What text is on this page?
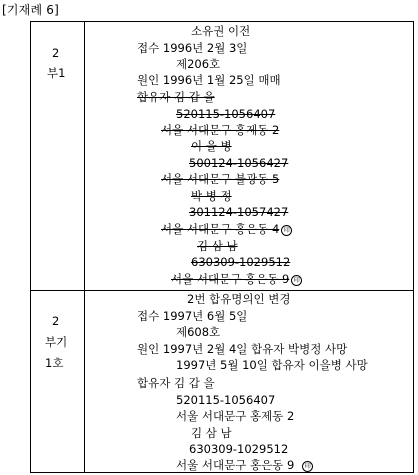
[기재례 6]
2
부1
소유권 이전
접수 1996년 2월 3일
제206호
원인 1996년 1월 25일 매매
합유자 김 갑 을
520115-1056407
서울 서대문구 홍제동 2
이 을 병
500124-1056427
서울 서대문구 불광동 5
박 병 정
301124-1057427
서울 서대문구 홍은동 4 印
김 삼 남
630309-1029512
서울 서대문구 홍은동 9 印
2
부기
1호
2번 합유명의인 변경
접수 1997년 6월 5일
제608호
원인 1997년 2월 4일 합유자 박병정 사망
1997년 5월 10일 합유자 이을병 사망
합유자 김 갑 을
520115-1056407
서울 서대문구 홍제동 2
김 삼 남
630309-1029512
서울 서대문구 홍은동 9 印
